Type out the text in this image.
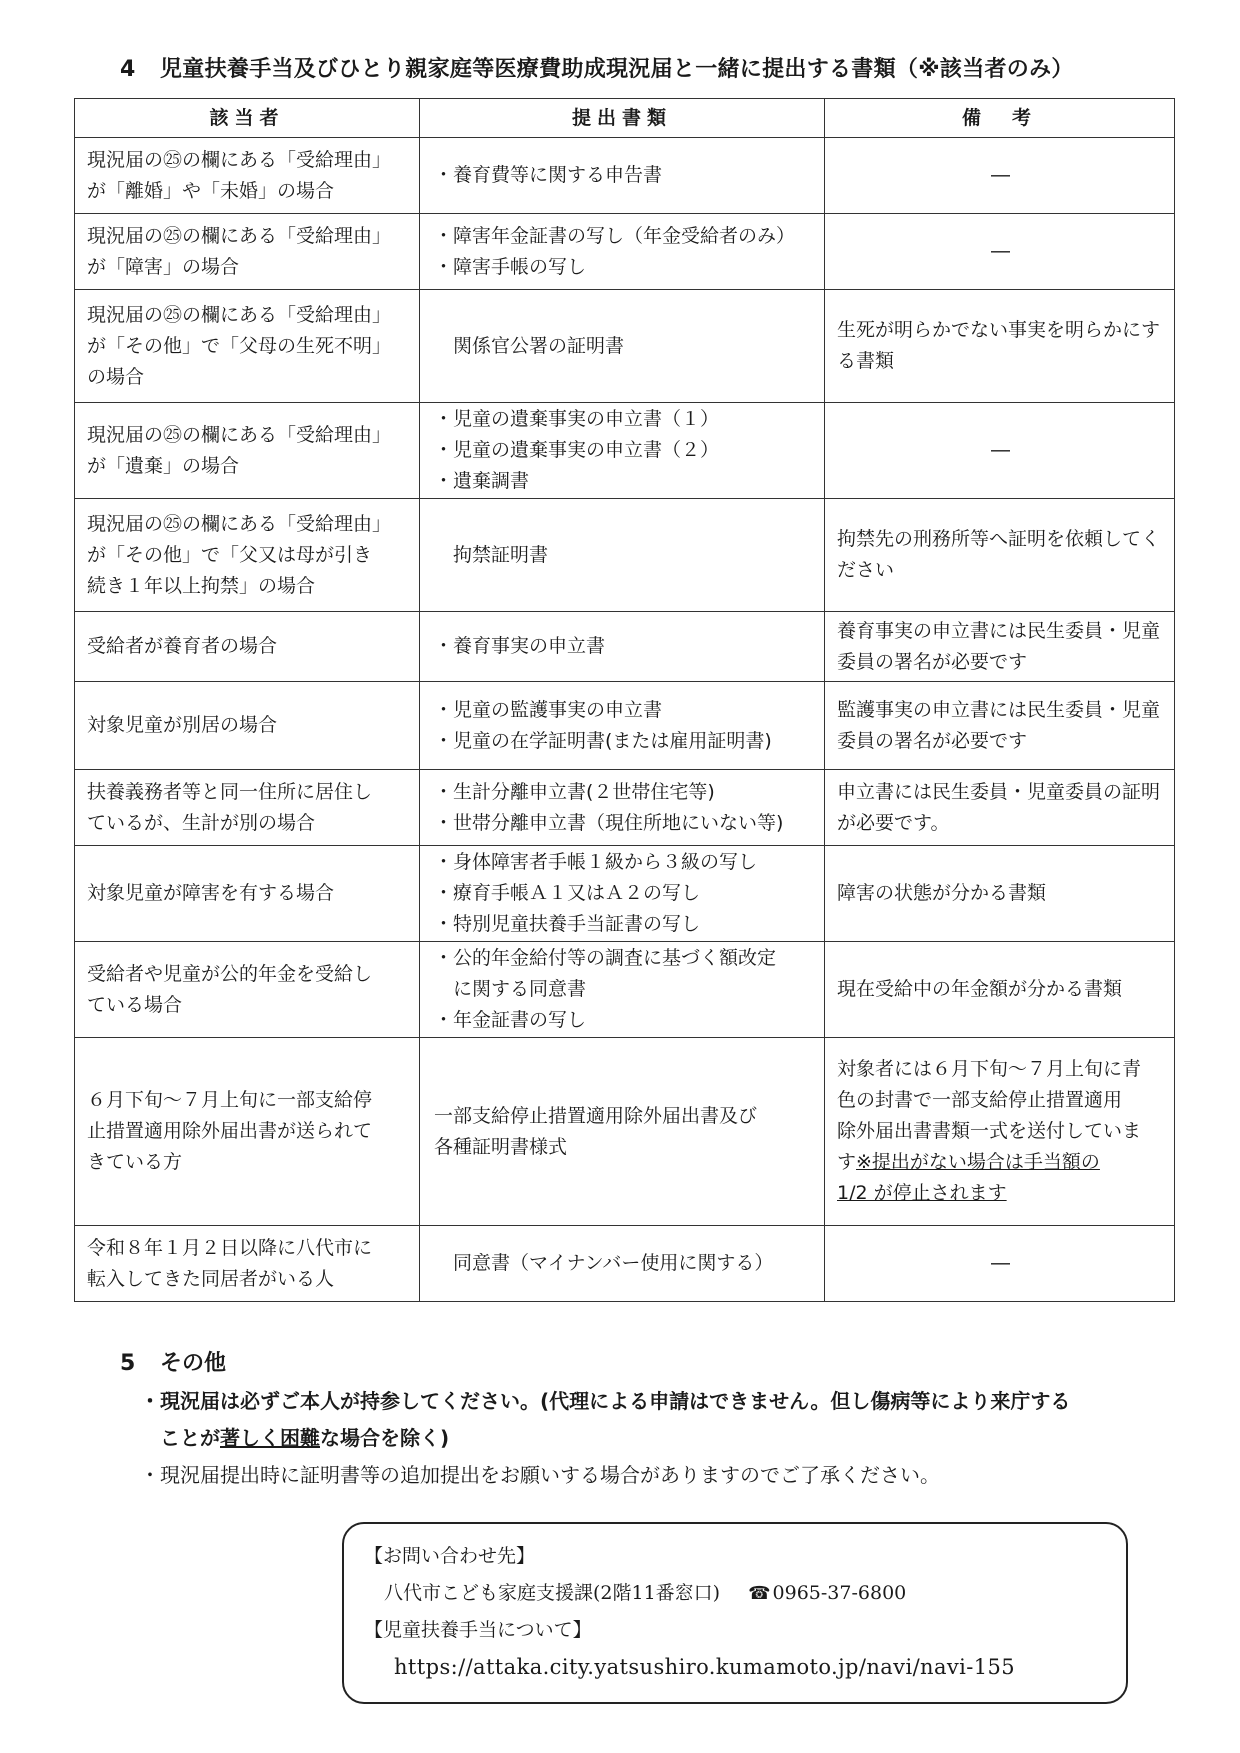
4 児童扶養手当及びひとり親家庭等医療費助成現況届と一緒に提出する書類（※該当者のみ）
該当者	提出書類	備　考

現況届の㉕の欄にある「受給理由」
が「離婚」や「未婚」の場合	・養育費等に関する申告書	―

現況届の㉕の欄にある「受給理由」
が「障害」の場合	・障害年金証書の写し（年金受給者のみ）
・障害手帳の写し	―

現況届の㉕の欄にある「受給理由」
が「その他」で「父母の生死不明」
の場合	関係官公署の証明書	生死が明らかでない事実を明らかにする書類

現況届の㉕の欄にある「受給理由」
が「遺棄」の場合	・児童の遺棄事実の申立書（１）
・児童の遺棄事実の申立書（２）
・遺棄調書	―

現況届の㉕の欄にある「受給理由」
が「その他」で「父又は母が引き
続き１年以上拘禁」の場合	拘禁証明書	拘禁先の刑務所等へ証明を依頼してください

受給者が養育者の場合	・養育事実の申立書	養育事実の申立書には民生委員・児童委員の署名が必要です

対象児童が別居の場合	・児童の監護事実の申立書
・児童の在学証明書(または雇用証明書)	監護事実の申立書には民生委員・児童委員の署名が必要です

扶養義務者等と同一住所に居住し
ているが、生計が別の場合	・生計分離申立書(２世帯住宅等)
・世帯分離申立書（現住所地にいない等)	申立書には民生委員・児童委員の証明が必要です。

対象児童が障害を有する場合	・身体障害者手帳１級から３級の写し
・療育手帳Ａ１又はＡ２の写し
・特別児童扶養手当証書の写し	障害の状態が分かる書類

受給者や児童が公的年金を受給し
ている場合	・公的年金給付等の調査に基づく額改定
に関する同意書
・年金証書の写し	現在受給中の年金額が分かる書類

６月下旬～７月上旬に一部支給停
止措置適用除外届出書が送られて
きている方	一部支給停止措置適用除外届出書及び
各種証明書様式	対象者には６月下旬～７月上旬に青
色の封書で一部支給停止措置適用
除外届出書書類一式を送付していま
す※提出がない場合は手当額の
1/2 が停止されます

令和８年１月２日以降に八代市に
転入してきた同居者がいる人	同意書（マイナンバー使用に関する）	―
5 その他
・現況届は必ずご本人が持参してください。(代理による申請はできません。但し傷病等により来庁する
ことが著しく困難な場合を除く)
・現況届提出時に証明書等の追加提出をお願いする場合がありますのでご了承ください。
【お問い合わせ先】
八代市こども家庭支援課(2階11番窓口) ☎ 0965-37-6800
【児童扶養手当について】
https://attaka.city.yatsushiro.kumamoto.jp/navi/navi-155
